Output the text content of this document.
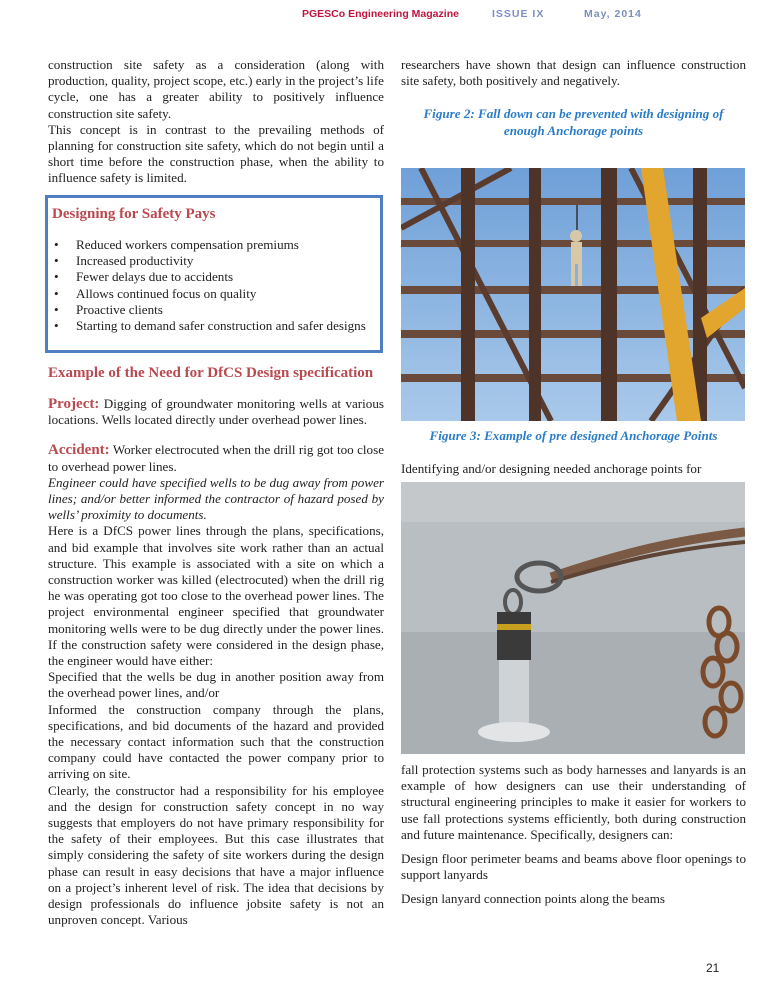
PGESCo Engineering Magazine	ISSUE IX	May, 2014

construction site safety as a consideration (along with production, quality, project scope, etc.) early in the project’s life cycle, one has a greater ability to positively influence construction site safety.

This concept is in contrast to the prevailing methods of planning for construction site safety, which do not begin until a short time before the construction phase, when the ability to influence safety is limited.

Designing for Safety Pays

• Reduced workers compensation premiums
• Increased productivity
• Fewer delays due to accidents
• Allows continued focus on quality
• Proactive clients
• Starting to demand safer construction and safer designs

Example of the Need for DfCS Design specification

Project: Digging of groundwater monitoring wells at various locations. Wells located directly under overhead power lines.

Accident: Worker electrocuted when the drill rig got too close to overhead power lines.

Engineer could have specified wells to be dug away from power lines; and/or better informed the contractor of hazard posed by wells’ proximity to documents.

Here is a DfCS power lines through the plans, specifications, and bid example that involves site work rather than an actual structure. This example is associated with a site on which a construction worker was killed (electrocuted) when the drill rig he was operating got too close to the overhead power lines. The project environmental engineer specified that groundwater monitoring wells were to be dug directly under the power lines. If the construction safety were considered in the design phase, the engineer would have either:

Specified that the wells be dug in another position away from the overhead power lines, and/or

Informed the construction company through the plans, specifications, and bid documents of the hazard and provided the necessary contact information such that the construction company could have contacted the power company prior to arriving on site.

Clearly, the constructor had a responsibility for his employee and the design for construction safety concept in no way suggests that employers do not have primary responsibility for the safety of their employees. But this case illustrates that simply considering the safety of site workers during the design phase can result in easy decisions that have a major influence on a project’s inherent level of risk. The idea that decisions by design professionals do influence jobsite safety is not an unproven concept. Various

researchers have shown that design can influence construction site safety, both positively and negatively.

Figure 2: Fall down can be prevented with designing of enough Anchorage points

Figure 3: Example of pre designed Anchorage Points

Identifying and/or designing needed anchorage points for

fall protection systems such as body harnesses and lanyards is an example of how designers can use their understanding of structural engineering principles to make it easier for workers to use fall protections systems efficiently, both during construction and future maintenance. Specifically, designers can:

Design floor perimeter beams and beams above floor openings to support lanyards

Design lanyard connection points along the beams

21
